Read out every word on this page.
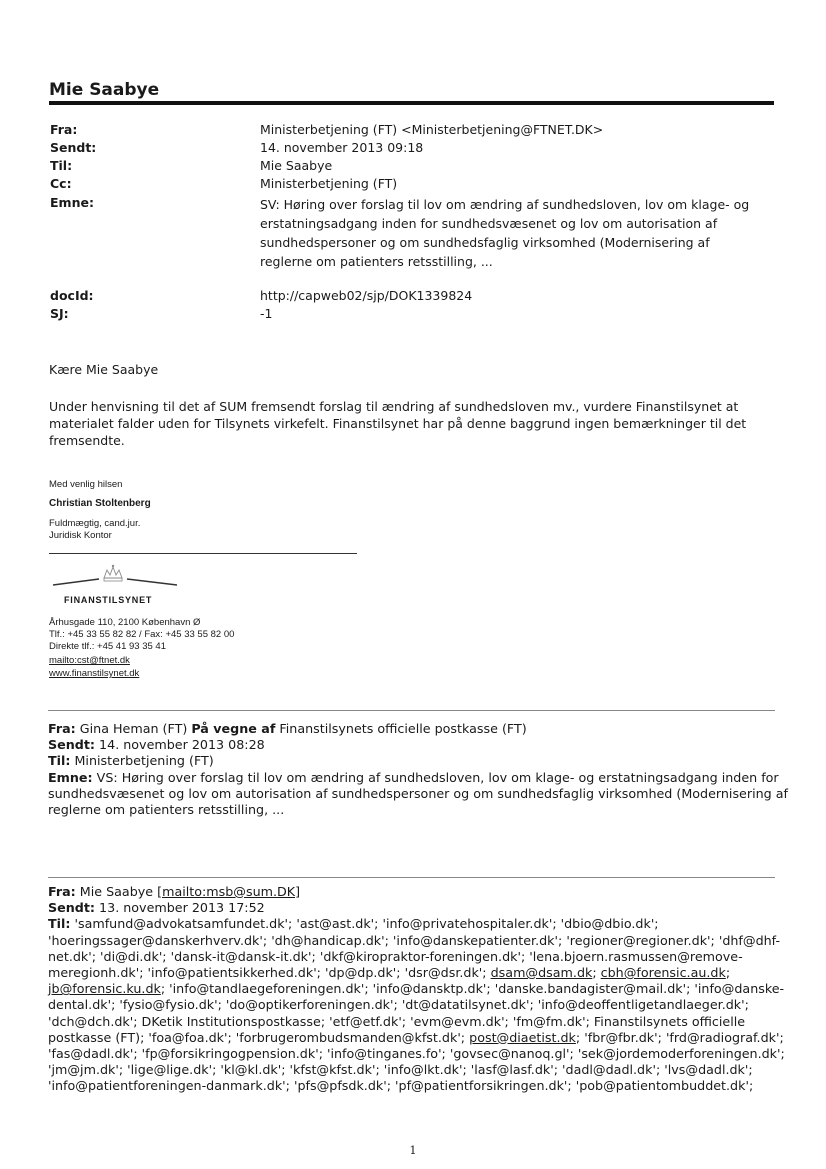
Mie Saabye
Fra:	Ministerbetjening (FT) <Ministerbetjening@FTNET.DK>
Sendt:	14. november 2013 09:18
Til:	Mie Saabye
Cc:	Ministerbetjening (FT)
Emne:	SV: Høring over forslag til lov om ændring af sundhedsloven, lov om klage- og erstatningsadgang inden for sundhedsvæsenet og lov om autorisation af sundhedspersoner og om sundhedsfaglig virksomhed (Modernisering af reglerne om patienters retsstilling, ...
docId:	http://capweb02/sjp/DOK1339824
SJ:	-1
Kære Mie Saabye
Under henvisning til det af SUM fremsendt forslag til ændring af sundhedsloven mv., vurdere Finanstilsynet at materialet falder uden for Tilsynets virkefelt. Finanstilsynet har på denne baggrund ingen bemærkninger til det fremsendte.
Med venlig hilsen
Christian Stoltenberg
Fuldmægtig, cand.jur.
Juridisk Kontor
FINANSTILSYNET
Århusgade 110, 2100 København Ø
Tlf.: +45 33 55 82 82 / Fax: +45 33 55 82 00
Direkte tlf.: +45 41 93 35 41
mailto:cst@ftnet.dk
www.finanstilsynet.dk
Fra: Gina Heman (FT) På vegne af Finanstilsynets officielle postkasse (FT)
Sendt: 14. november 2013 08:28
Til: Ministerbetjening (FT)
Emne: VS: Høring over forslag til lov om ændring af sundhedsloven, lov om klage- og erstatningsadgang inden for sundhedsvæsenet og lov om autorisation af sundhedspersoner og om sundhedsfaglig virksomhed (Modernisering af reglerne om patienters retsstilling, ...
Fra: Mie Saabye [mailto:msb@sum.DK]
Sendt: 13. november 2013 17:52
Til: 'samfund@advokatsamfundet.dk'; 'ast@ast.dk'; 'info@privatehospitaler.dk'; 'dbio@dbio.dk'; 'hoeringssager@danskerhverv.dk'; 'dh@handicap.dk'; 'info@danskepatienter.dk'; 'regioner@regioner.dk'; 'dhf@dhf-net.dk'; 'di@di.dk'; 'dansk-it@dansk-it.dk'; 'dkf@kiropraktor-foreningen.dk'; 'lena.bjoern.rasmussen@remove-meregionh.dk'; 'info@patientsikkerhed.dk'; 'dp@dp.dk'; 'dsr@dsr.dk'; dsam@dsam.dk; cbh@forensic.au.dk; jb@forensic.ku.dk; 'info@tandlaegeforeningen.dk'; 'info@dansktp.dk'; 'danske.bandagister@mail.dk'; 'info@danske-dental.dk'; 'fysio@fysio.dk'; 'do@optikerforeningen.dk'; 'dt@datatilsynet.dk'; 'info@deoffentligetandlaeger.dk'; 'dch@dch.dk'; DKetik Institutionspostkasse; 'etf@etf.dk'; 'evm@evm.dk'; 'fm@fm.dk'; Finanstilsynets officielle postkasse (FT); 'foa@foa.dk'; 'forbrugerombudsmanden@kfst.dk'; post@diaetist.dk; 'fbr@fbr.dk'; 'frd@radiograf.dk'; 'fas@dadl.dk'; 'fp@forsikringogpension.dk'; 'info@tinganes.fo'; 'govsec@nanoq.gl'; 'sek@jordemoderforeningen.dk'; 'jm@jm.dk'; 'lige@lige.dk'; 'kl@kl.dk'; 'kfst@kfst.dk'; 'info@lkt.dk'; 'lasf@lasf.dk'; 'dadl@dadl.dk'; 'lvs@dadl.dk'; 'info@patientforeningen-danmark.dk'; 'pfs@pfsdk.dk'; 'pf@patientforsikringen.dk'; 'pob@patientombuddet.dk';
1
